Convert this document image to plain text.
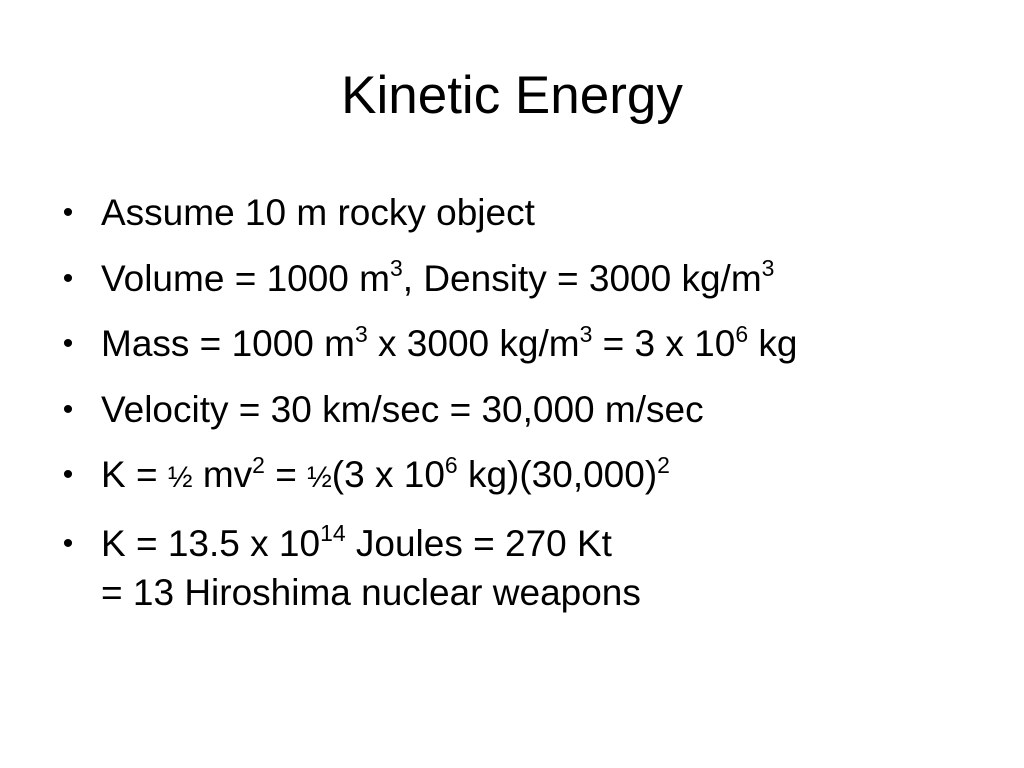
Kinetic Energy
• Assume 10 m rocky object
• Volume = 1000 $m^3$, Density = 3000 $kg/m^3$
• Mass = 1000 $m^3$ x 3000 $kg/m^3 = 3$ x $10^6$ kg
• Velocity = 30 km/sec = 30,000 m/sec
• K = ½ $mv^2$ = ½(3 x $10^6$ $kg)(30,000)^2$
• K = 13.5 x $10^{14}$ Joules = 270 Kt
= 13 Hiroshima nuclear weapons
